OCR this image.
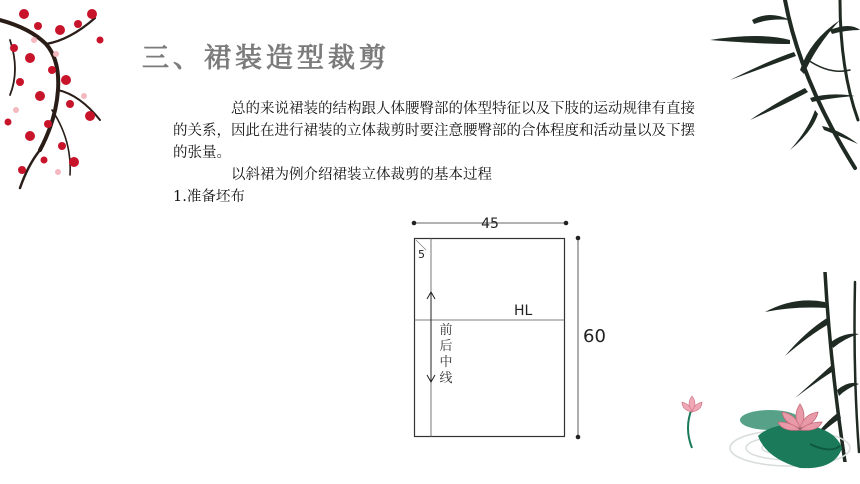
三、裙装造型裁剪

总的来说裙装的结构跟人体腰臀部的体型特征以及下肢的运动规律有直接的关系，因此在进行裙装的立体裁剪时要注意腰臀部的合体程度和活动量以及下摆的张量。

以斜裙为例介绍裙装立体裁剪的基本过程

1.准备坯布

45
60
5
HL
前
后
中
线
